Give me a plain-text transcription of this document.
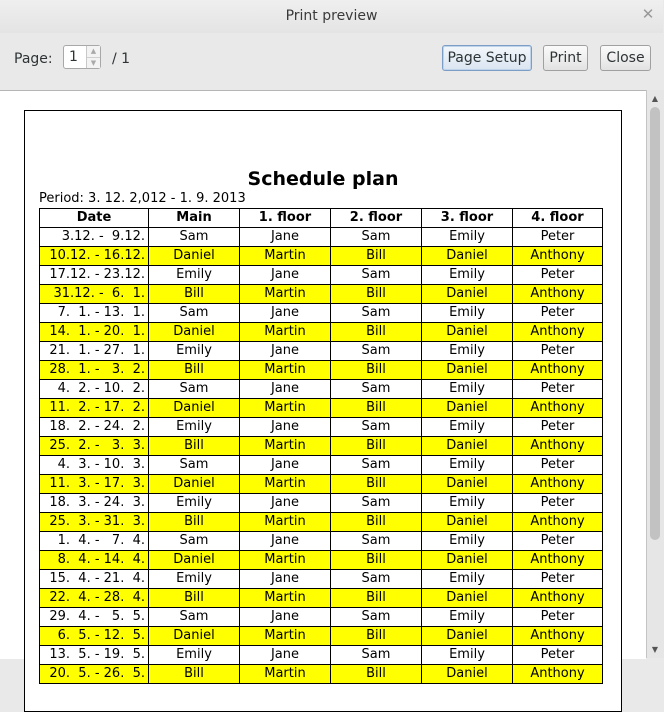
Print preview	✕
Page: 1	▲
▼ / 1	Page Setup	Print	Close
Schedule plan
Period: 3. 12. 2,012 - 1. 9. 2013
Date	Main	1. floor	2. floor	3. floor	4. floor
3.12. -  9.12.	Sam	Jane	Sam	Emily	Peter
10.12. - 16.12.	Daniel	Martin	Bill	Daniel	Anthony
17.12. - 23.12.	Emily	Jane	Sam	Emily	Peter
31.12. -  6.  1.	Bill	Martin	Bill	Daniel	Anthony
7.  1. - 13.  1.	Sam	Jane	Sam	Emily	Peter
14.  1. - 20.  1.	Daniel	Martin	Bill	Daniel	Anthony
21.  1. - 27.  1.	Emily	Jane	Sam	Emily	Peter
28.  1. -   3.  2.	Bill	Martin	Bill	Daniel	Anthony
4.  2. - 10.  2.	Sam	Jane	Sam	Emily	Peter
11.  2. - 17.  2.	Daniel	Martin	Bill	Daniel	Anthony
18.  2. - 24.  2.	Emily	Jane	Sam	Emily	Peter
25.  2. -   3.  3.	Bill	Martin	Bill	Daniel	Anthony
4.  3. - 10.  3.	Sam	Jane	Sam	Emily	Peter
11.  3. - 17.  3.	Daniel	Martin	Bill	Daniel	Anthony
18.  3. - 24.  3.	Emily	Jane	Sam	Emily	Peter
25.  3. - 31.  3.	Bill	Martin	Bill	Daniel	Anthony
1.  4. -   7.  4.	Sam	Jane	Sam	Emily	Peter
8.  4. - 14.  4.	Daniel	Martin	Bill	Daniel	Anthony
15.  4. - 21.  4.	Emily	Jane	Sam	Emily	Peter
22.  4. - 28.  4.	Bill	Martin	Bill	Daniel	Anthony
29.  4. -   5.  5.	Sam	Jane	Sam	Emily	Peter
6.  5. - 12.  5.	Daniel	Martin	Bill	Daniel	Anthony
13.  5. - 19.  5.	Emily	Jane	Sam	Emily	Peter
20.  5. - 26.  5.	Bill	Martin	Bill	Daniel	Anthony
▲
▼
